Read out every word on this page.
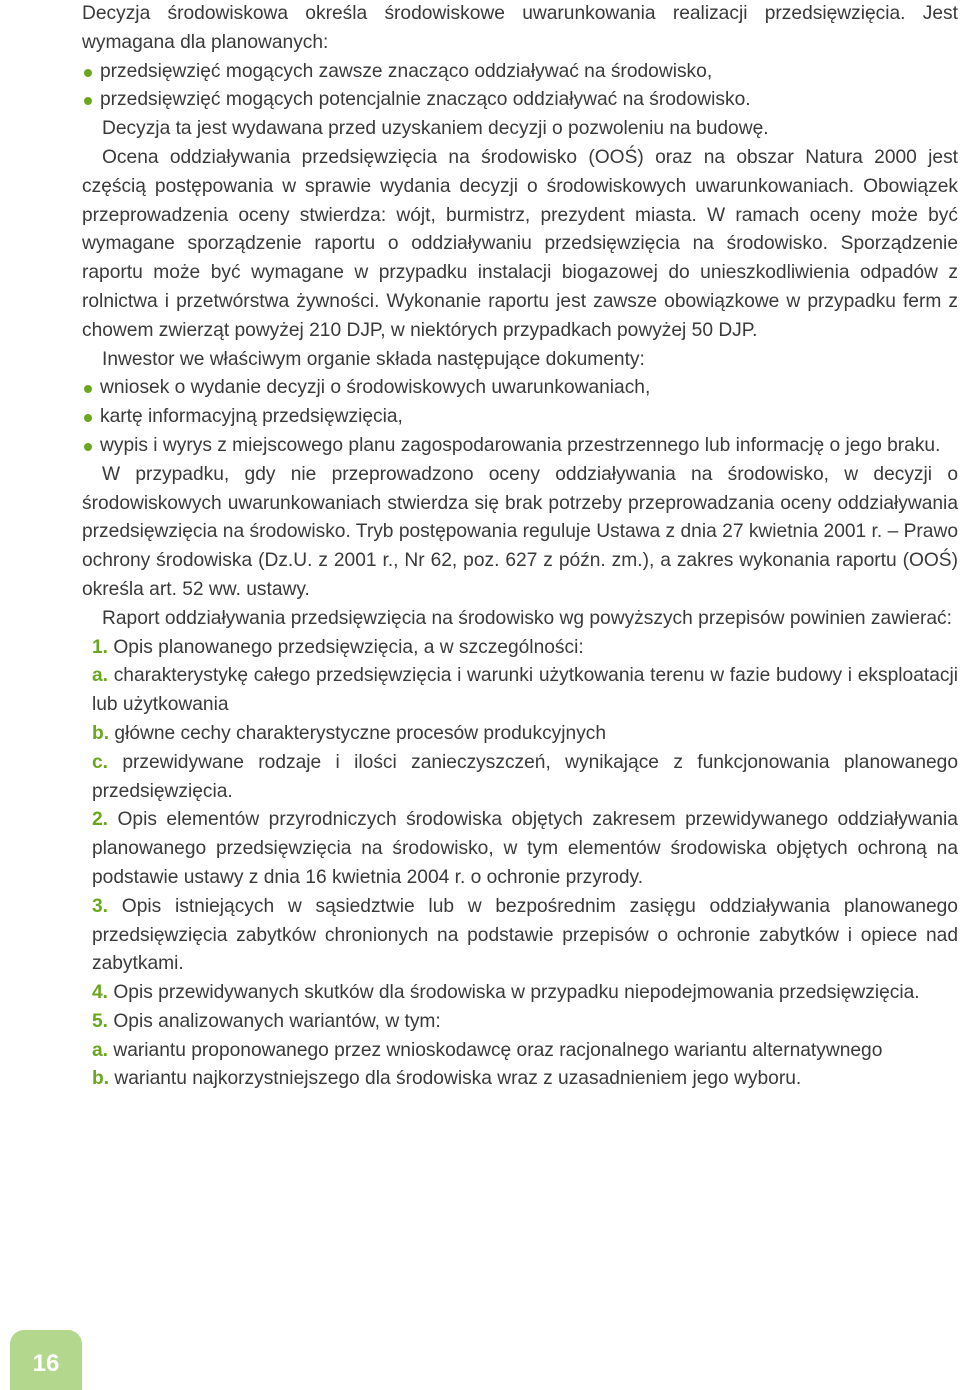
Decyzja środowiskowa określa środowiskowe uwarunkowania realizacji przedsięwzięcia. Jest wymagana dla planowanych:

przedsięwzięć mogących zawsze znacząco oddziaływać na środowisko,
przedsięwzięć mogących potencjalnie znacząco oddziaływać na środowisko.

Decyzja ta jest wydawana przed uzyskaniem decyzji o pozwoleniu na budowę.

Ocena oddziaływania przedsięwzięcia na środowisko (OOŚ) oraz na obszar Natura 2000 jest częścią postępowania w sprawie wydania decyzji o środowiskowych uwarunkowaniach. Obowiązek przeprowadzenia oceny stwierdza: wójt, burmistrz, prezydent miasta. W ramach oceny może być wymagane sporządzenie raportu o oddziaływaniu przedsięwzięcia na środowisko. Sporządzenie raportu może być wymagane w przypadku instalacji biogazowej do unieszkodliwienia odpadów z rolnictwa i przetwórstwa żywności. Wykonanie raportu jest zawsze obowiązkowe w przypadku ferm z chowem zwierząt powyżej 210 DJP, w niektórych przypadkach powyżej 50 DJP.

Inwestor we właściwym organie składa następujące dokumenty:

wniosek o wydanie decyzji o środowiskowych uwarunkowaniach,
kartę informacyjną przedsięwzięcia,
wypis i wyrys z miejscowego planu zagospodarowania przestrzennego lub informację o jego braku.

W przypadku, gdy nie przeprowadzono oceny oddziaływania na środowisko, w decyzji o środowiskowych uwarunkowaniach stwierdza się brak potrzeby przeprowadzania oceny oddziaływania przedsięwzięcia na środowisko. Tryb postępowania reguluje Ustawa z dnia 27 kwietnia 2001 r. – Prawo ochrony środowiska (Dz.U. z 2001 r., Nr 62, poz. 627 z późn. zm.), a zakres wykonania raportu (OOŚ) określa art. 52 ww. ustawy.

Raport oddziaływania przedsięwzięcia na środowisko wg powyższych przepisów powinien zawierać:

1. Opis planowanego przedsięwzięcia, a w szczególności:
a. charakterystykę całego przedsięwzięcia i warunki użytkowania terenu w fazie budowy i eksploatacji lub użytkowania
b. główne cechy charakterystyczne procesów produkcyjnych
c. przewidywane rodzaje i ilości zanieczyszczeń, wynikające z funkcjonowania planowanego przedsięwzięcia.
2. Opis elementów przyrodniczych środowiska objętych zakresem przewidywanego oddziaływania planowanego przedsięwzięcia na środowisko, w tym elementów środowiska objętych ochroną na podstawie ustawy z dnia 16 kwietnia 2004 r. o ochronie przyrody.
3. Opis istniejących w sąsiedztwie lub w bezpośrednim zasięgu oddziaływania planowanego przedsięwzięcia zabytków chronionych na podstawie przepisów o ochronie zabytków i opiece nad zabytkami.
4. Opis przewidywanych skutków dla środowiska w przypadku niepodejmowania przedsięwzięcia.
5. Opis analizowanych wariantów, w tym:
a. wariantu proponowanego przez wnioskodawcę oraz racjonalnego wariantu alternatywnego
b. wariantu najkorzystniejszego dla środowiska wraz z uzasadnieniem jego wyboru.
16
